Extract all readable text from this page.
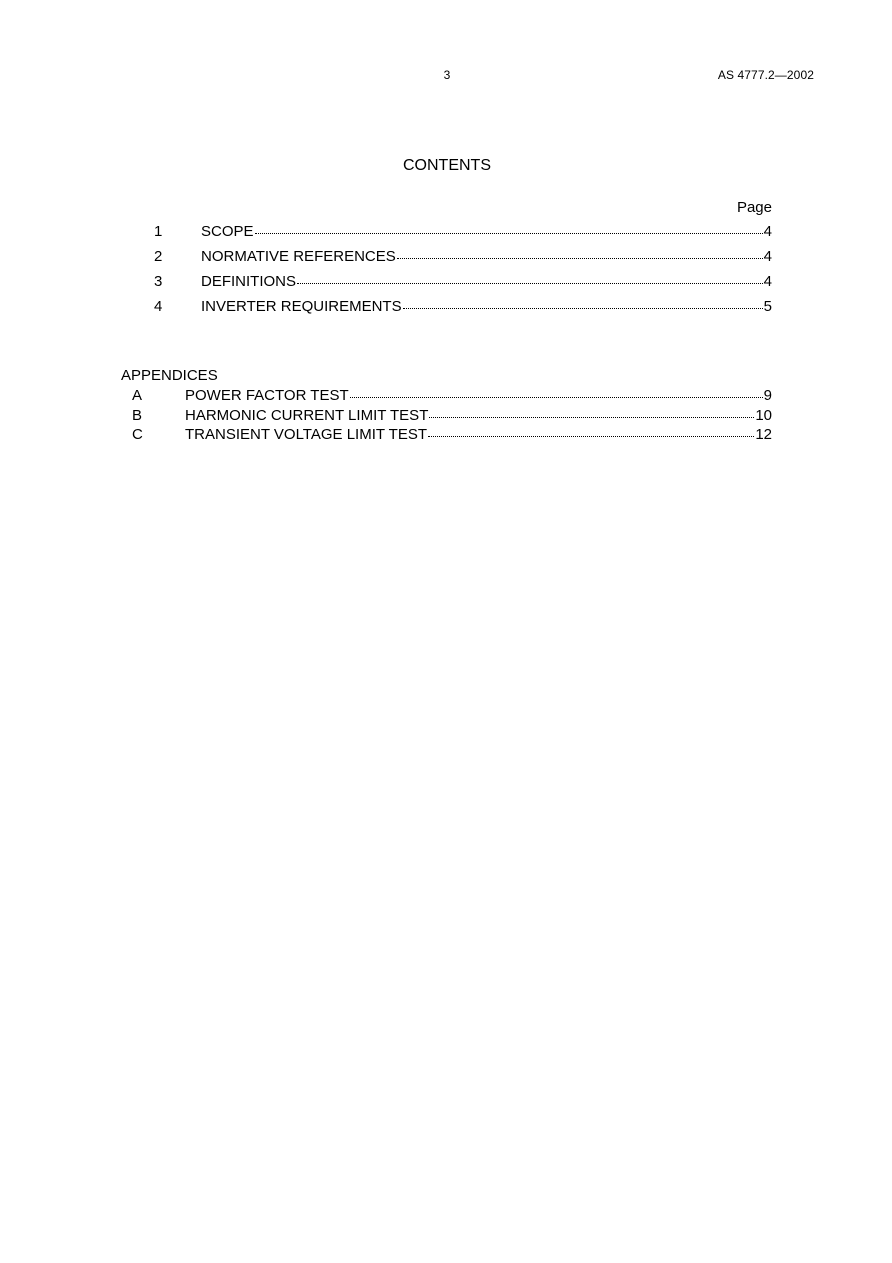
3	AS 4777.2—2002
CONTENTS
Page
1	SCOPE	4
2	NORMATIVE REFERENCES	4
3	DEFINITIONS	4
4	INVERTER REQUIREMENTS	5
APPENDICES
A	POWER FACTOR TEST	9
B	HARMONIC CURRENT LIMIT TEST	10
C	TRANSIENT VOLTAGE LIMIT TEST	12
